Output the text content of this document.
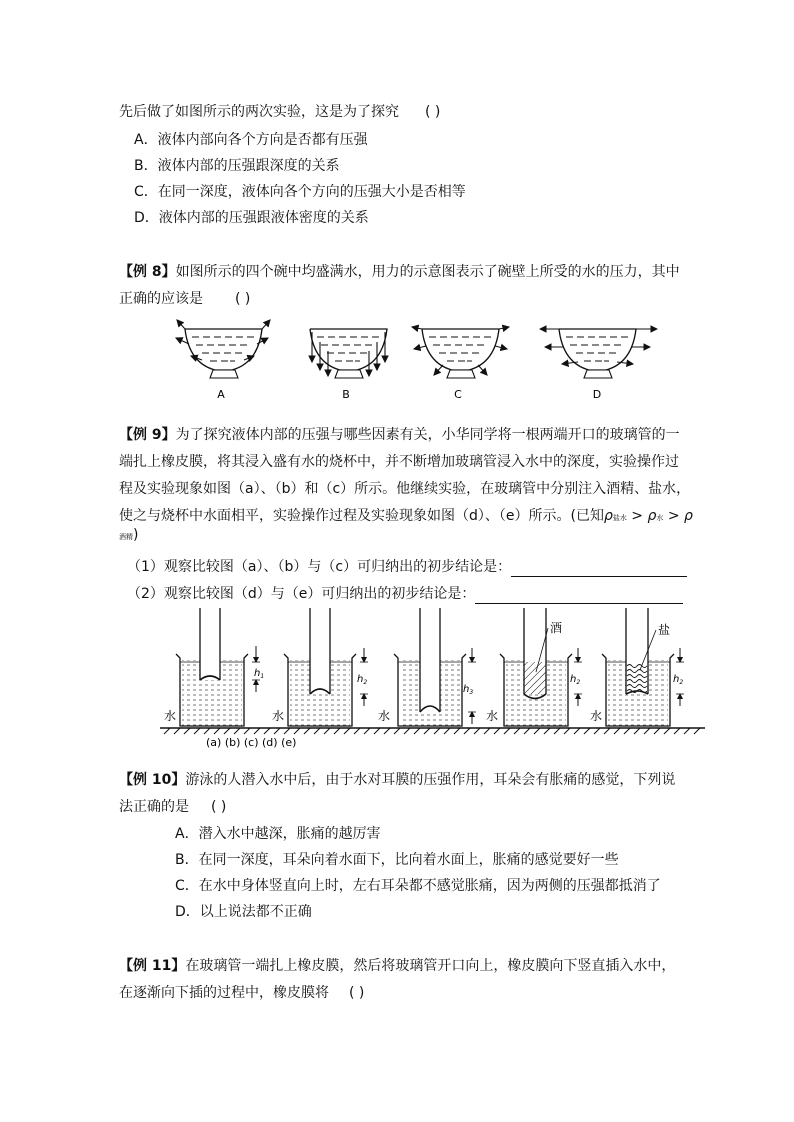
先后做了如图所示的两次实验，这是为了探究 ( )
A．液体内部向各个方向是否都有压强
B．液体内部的压强跟深度的关系
C．在同一深度，液体向各个方向的压强大小是否相等
D．液体内部的压强跟液体密度的关系
【例 8】如图所示的四个碗中均盛满水，用力的示意图表示了碗壁上所受的水的压力，其中
正确的应该是 ( )
A	B	C	D
【例 9】为了探究液体内部的压强与哪些因素有关，小华同学将一根两端开口的玻璃管的一
端扎上橡皮膜，将其浸入盛有水的烧杯中，并不断增加玻璃管浸入水中的深度，实验操作过
程及实验现象如图（a）、（b）和（c）所示。他继续实验，在玻璃管中分别注入酒精、盐水，
使之与烧杯中水面相平，实验操作过程及实验现象如图（d）、（e）所示。(已知ρ盐水 > ρ水 > ρ
酒精)
（1）观察比较图（a）、（b）与（c）可归纳出的初步结论是：
（2）观察比较图（d）与（e）可归纳出的初步结论是：
$h_1$
水
$h_2$
水
$h_3$
水
酒
$h_2$
水
盐
$h_2$
水
(a) (b) (c) (d) (e)
【例 10】游泳的人潜入水中后，由于水对耳膜的压强作用，耳朵会有胀痛的感觉，下列说
法正确的是 ( )
A．潜入水中越深，胀痛的越厉害
B．在同一深度，耳朵向着水面下，比向着水面上，胀痛的感觉要好一些
C．在水中身体竖直向上时，左右耳朵都不感觉胀痛，因为两侧的压强都抵消了
D．以上说法都不正确
【例 11】在玻璃管一端扎上橡皮膜，然后将玻璃管开口向上，橡皮膜向下竖直插入水中，
在逐渐向下插的过程中，橡皮膜将 ( )
